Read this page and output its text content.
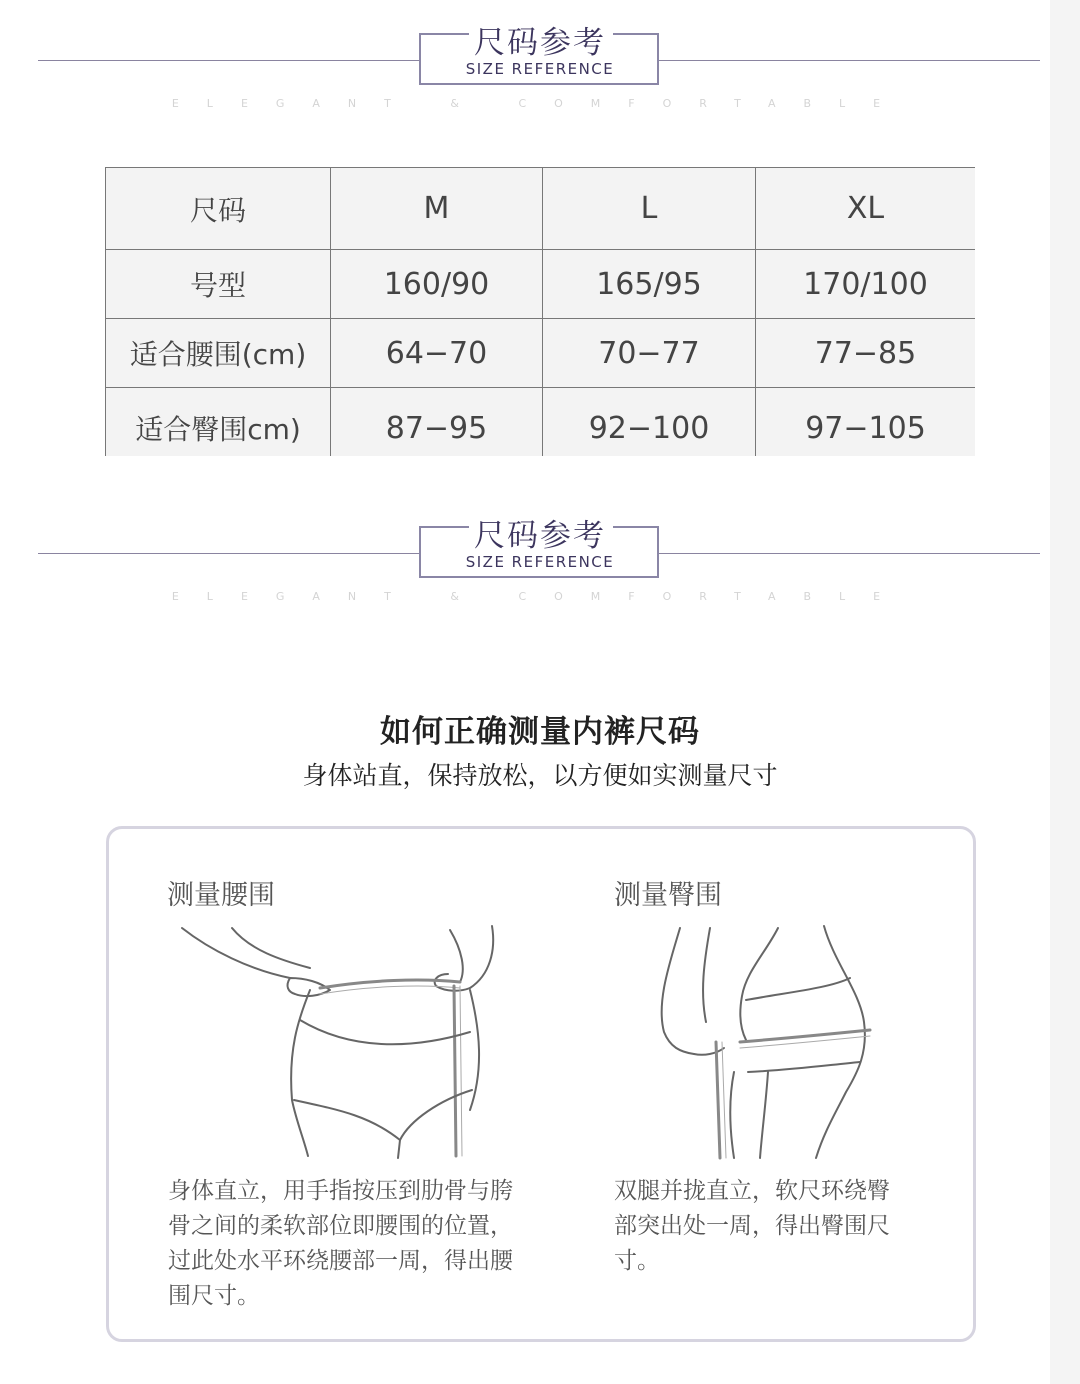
尺码参考
SIZE REFERENCE
ELEGANT & COMFORTABLE
尺码	M	L	XL
号型	160/90	165/95	170/100
适合腰围(cm)	64−70	70−77	77−85
适合臀围cm)	87−95	92−100	97−105
尺码参考
SIZE REFERENCE
ELEGANT & COMFORTABLE
如何正确测量内裤尺码
身体站直，保持放松，以方便如实测量尺寸
测量腰围
身体直立，用手指按压到肋骨与胯
骨之间的柔软部位即腰围的位置，
过此处水平环绕腰部一周，得出腰
围尺寸。
测量臀围
双腿并拢直立，软尺环绕臀
部突出处一周，得出臀围尺
寸。
